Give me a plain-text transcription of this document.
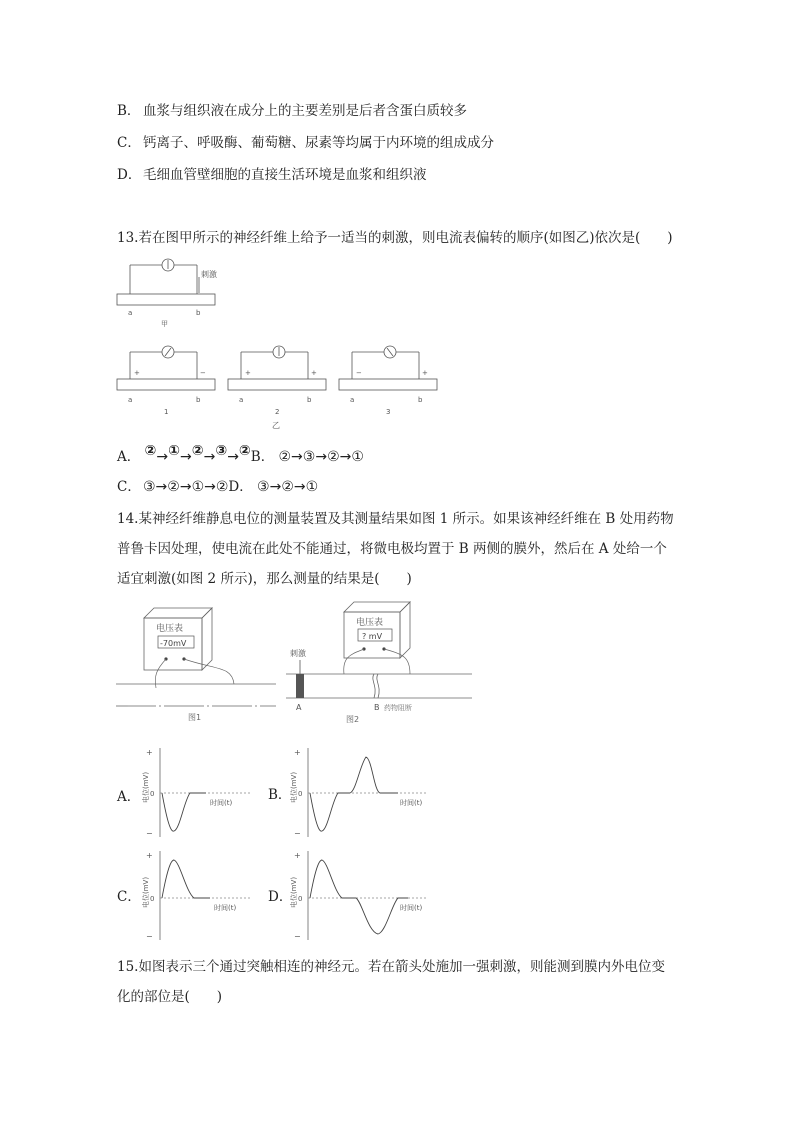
B． 血浆与组织液在成分上的主要差别是后者含蛋白质较多
C． 钙离子、呼吸酶、葡萄糖、尿素等均属于内环境的组成成分
D． 毛细血管壁细胞的直接生活环境是血浆和组织液
13.若在图甲所示的神经纤维上给予一适当的刺激，则电流表偏转的顺序(如图乙)依次是(　　)
刺激
a	b
甲
+	−
a	b
1
+	+
a	b
2
乙
−	+
a	b
3
A． ②→①→②→③→②B． ②→③→②→①
C． ③→②→①→②D． ③→②→①
14.某神经纤维静息电位的测量装置及其测量结果如图 1 所示。如果该神经纤维在 B 处用药物
普鲁卡因处理，使电流在此处不能通过，将微电极均置于 B 两侧的膜外，然后在 A 处给一个
适宜刺激(如图 2 所示)，那么测量的结果是(　　)
电压表
-70mV
图1
电压表
? mV
刺激
A	B 药物阻断
图2
A．
+
−
0
电位(mV)	时间(t)	B．
+
−
0
电位(mV)	时间(t)
C．
+
−
0
电位(mV)	时间(t)
D．
+
−
0
电位(mV)	时间(t)
15.如图表示三个通过突触相连的神经元。若在箭头处施加一强刺激，则能测到膜内外电位变
化的部位是(　　)
